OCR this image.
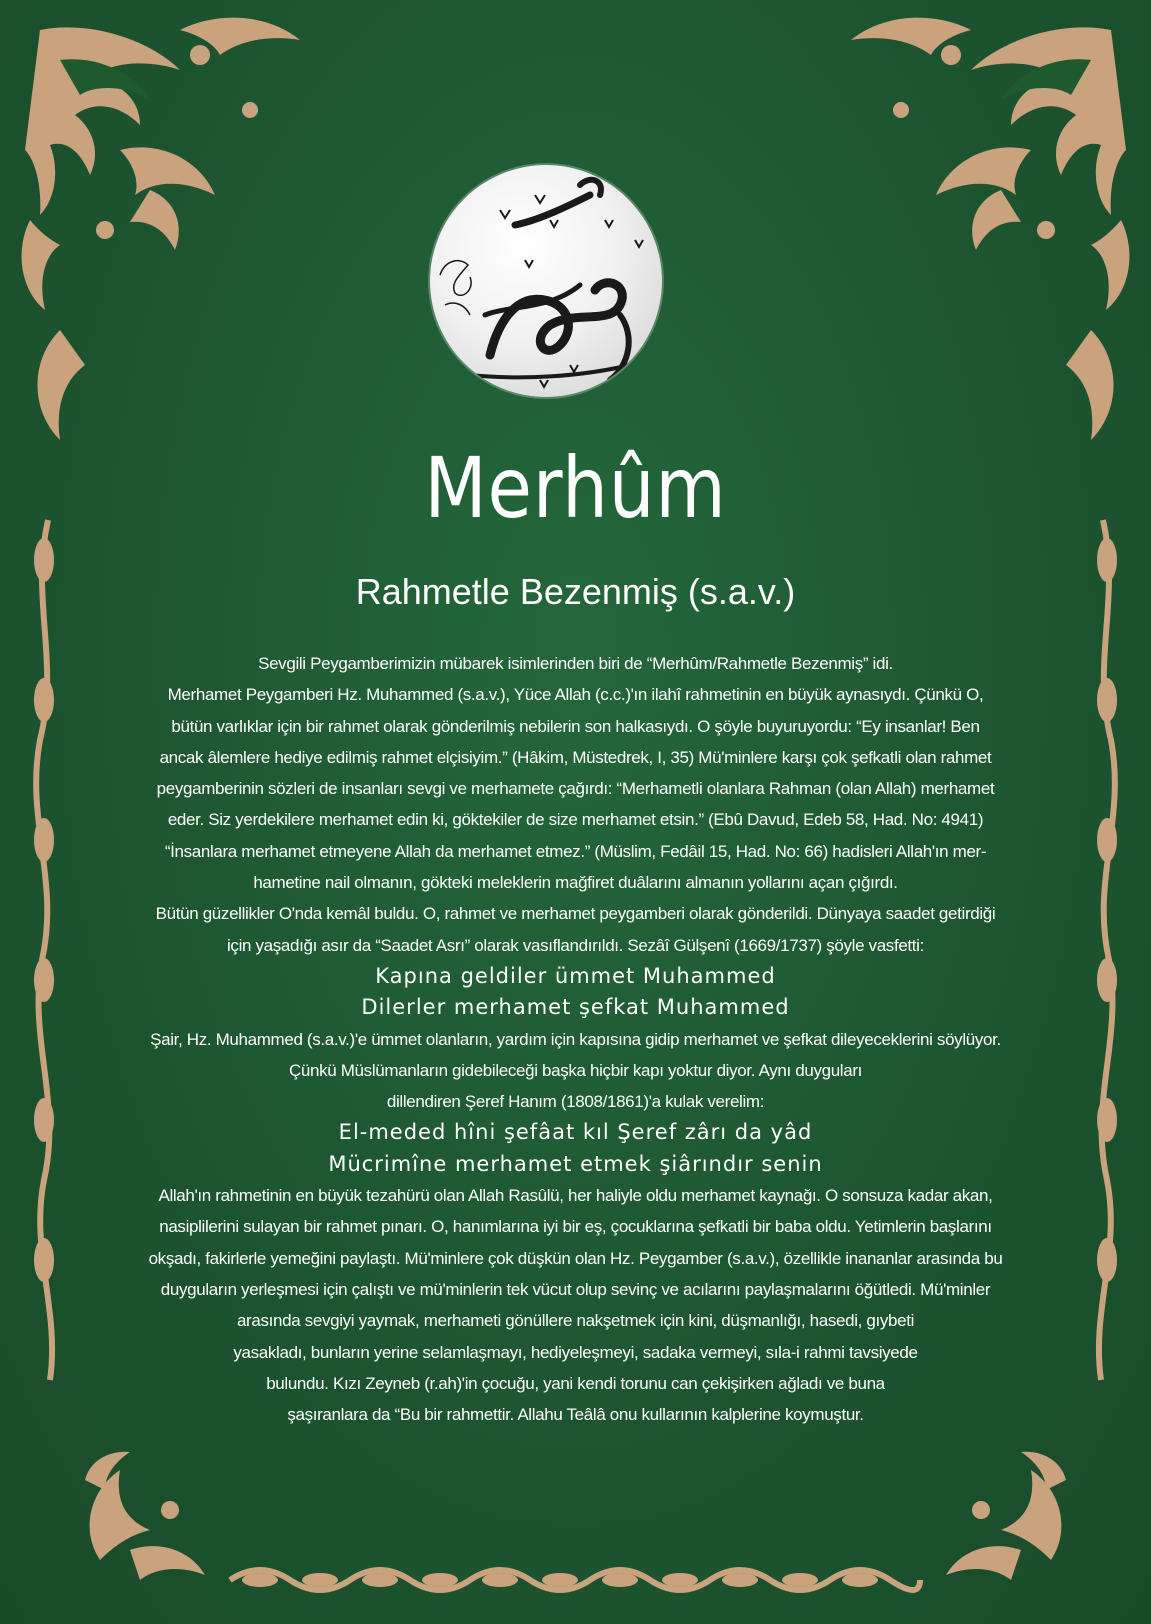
Merhûm
Rahmetle Bezenmiş (s.a.v.)
Sevgili Peygamberimizin mübarek isimlerinden biri de “Merhûm/Rahmetle Bezenmiş” idi.
Merhamet Peygamberi Hz. Muhammed (s.a.v.), Yüce Allah (c.c.)'ın ilahî rahmetinin en büyük aynasıydı. Çünkü O,
bütün varlıklar için bir rahmet olarak gönderilmiş nebilerin son halkasıydı. O şöyle buyuruyordu: “Ey insanlar! Ben
ancak âlemlere hediye edilmiş rahmet elçisiyim.” (Hâkim, Müstedrek, I, 35) Mü'minlere karşı çok şefkatli olan rahmet
peygamberinin sözleri de insanları sevgi ve merhamete çağırdı: “Merhametli olanlara Rahman (olan Allah) merhamet
eder. Siz yerdekilere merhamet edin ki, göktekiler de size merhamet etsin.” (Ebû Davud, Edeb 58, Had. No: 4941)
“İnsanlara merhamet etmeyene Allah da merhamet etmez.” (Müslim, Fedâil 15, Had. No: 66) hadisleri Allah'ın mer-
hametine nail olmanın, gökteki meleklerin mağfiret duâlarını almanın yollarını açan çığırdı.
Bütün güzellikler O'nda kemâl buldu. O, rahmet ve merhamet peygamberi olarak gönderildi. Dünyaya saadet getirdiği
için yaşadığı asır da “Saadet Asrı” olarak vasıflandırıldı. Sezâî Gülşenî (1669/1737) şöyle vasfetti:
Kapına geldiler ümmet Muhammed
Dilerler merhamet şefkat Muhammed
Şair, Hz. Muhammed (s.a.v.)'e ümmet olanların, yardım için kapısına gidip merhamet ve şefkat dileyeceklerini söylüyor.
Çünkü Müslümanların gidebileceği başka hiçbir kapı yoktur diyor. Aynı duyguları
dillendiren Şeref Hanım (1808/1861)'a kulak verelim:
El-meded hîni şefâat kıl Şeref zârı da yâd
Mücrimîne merhamet etmek şiârındır senin
Allah'ın rahmetinin en büyük tezahürü olan Allah Rasûlü, her haliyle oldu merhamet kaynağı. O sonsuza kadar akan,
nasiplilerini sulayan bir rahmet pınarı. O, hanımlarına iyi bir eş, çocuklarına şefkatli bir baba oldu. Yetimlerin başlarını
okşadı, fakirlerle yemeğini paylaştı. Mü'minlere çok düşkün olan Hz. Peygamber (s.a.v.), özellikle inananlar arasında bu
duyguların yerleşmesi için çalıştı ve mü'minlerin tek vücut olup sevinç ve acılarını paylaşmalarını öğütledi. Mü'minler
arasında sevgiyi yaymak, merhameti gönüllere nakşetmek için kini, düşmanlığı, hasedi, gıybeti
yasakladı, bunların yerine selamlaşmayı, hediyeleşmeyi, sadaka vermeyi, sıla-i rahmi tavsiyede
bulundu. Kızı Zeyneb (r.ah)'in çocuğu, yani kendi torunu can çekişirken ağladı ve buna
şaşıranlara da “Bu bir rahmettir. Allahu Teâlâ onu kullarının kalplerine koymuştur.
